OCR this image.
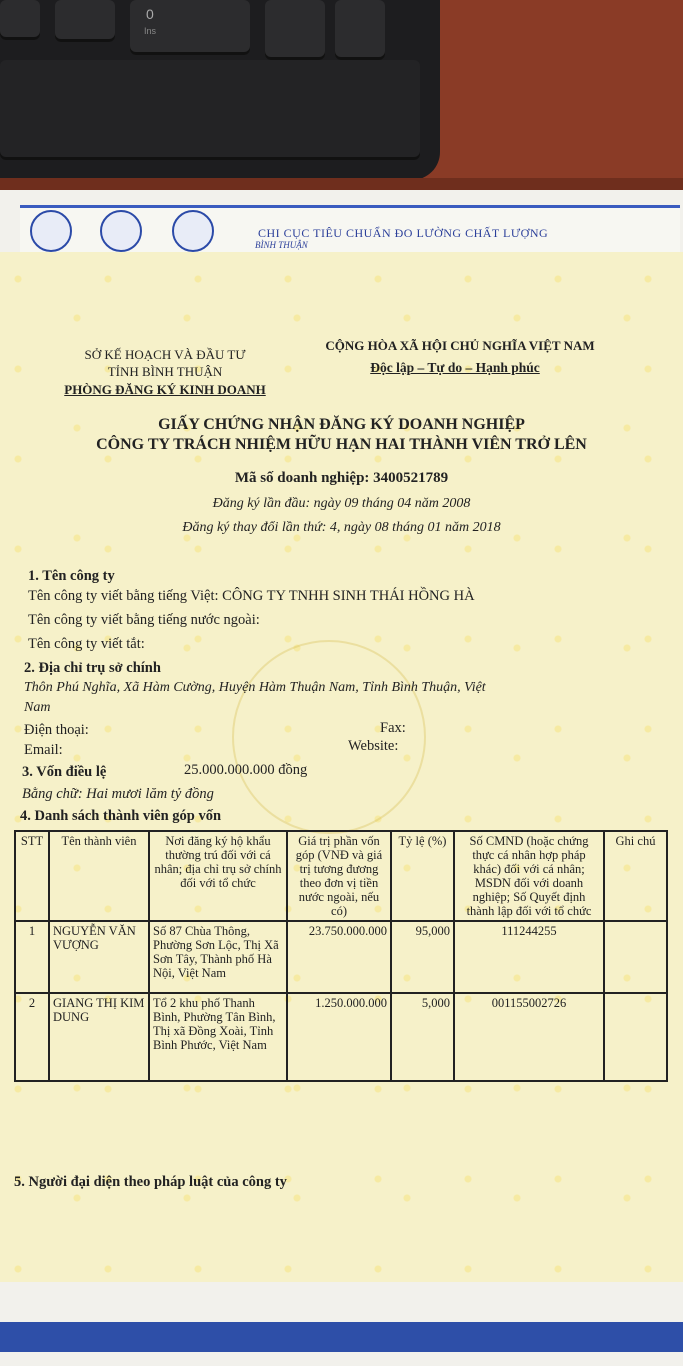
0
Ins
CHI CỤC TIÊU CHUẨN ĐO LƯỜNG CHẤT LƯỢNG
BÌNH THUẬN
SỞ KẾ HOẠCH VÀ ĐẦU TƯ
TỈNH BÌNH THUẬN
PHÒNG ĐĂNG KÝ KINH DOANH
CỘNG HÒA XÃ HỘI CHỦ NGHĨA VIỆT NAM
Độc lập – Tự do – Hạnh phúc
GIẤY CHỨNG NHẬN ĐĂNG KÝ DOANH NGHIỆP
CÔNG TY TRÁCH NHIỆM HỮU HẠN HAI THÀNH VIÊN TRỞ LÊN
Mã số doanh nghiệp: 3400521789
Đăng ký lần đầu: ngày 09 tháng 04 năm 2008
Đăng ký thay đổi lần thứ: 4, ngày 08 tháng 01 năm 2018
1. Tên công ty
Tên công ty viết bằng tiếng Việt: CÔNG TY TNHH SINH THÁI HỒNG HÀ
Tên công ty viết bằng tiếng nước ngoài:
Tên công ty viết tắt:
2. Địa chỉ trụ sở chính
Thôn Phú Nghĩa, Xã Hàm Cường, Huyện Hàm Thuận Nam, Tỉnh Bình Thuận, Việt
Nam
Điện thoại:	Fax:
Email:	Website:
3. Vốn điều lệ	25.000.000.000 đồng
Bằng chữ: Hai mươi lăm tỷ đồng
4. Danh sách thành viên góp vốn
STT	Tên thành viên	Nơi đăng ký hộ khẩu thường trú đối với cá nhân; địa chỉ trụ sở chính đối với tổ chức	Giá trị phần vốn góp (VNĐ và giá trị tương đương theo đơn vị tiền nước ngoài, nếu có)	Tỷ lệ (%)	Số CMND (hoặc chứng thực cá nhân hợp pháp khác) đối với cá nhân; MSDN đối với doanh nghiệp; Số Quyết định thành lập đối với tổ chức	Ghi chú
1	NGUYỄN VĂN VƯỢNG	Số 87 Chùa Thông, Phường Sơn Lộc, Thị Xã Sơn Tây, Thành phố Hà Nội, Việt Nam	23.750.000.000	95,000	111244255	
2	GIANG THỊ KIM DUNG	Tổ 2 khu phố Thanh Bình, Phường Tân Bình, Thị xã Đồng Xoài, Tỉnh Bình Phước, Việt Nam	1.250.000.000	5,000	001155002726	
5. Người đại diện theo pháp luật của công ty
